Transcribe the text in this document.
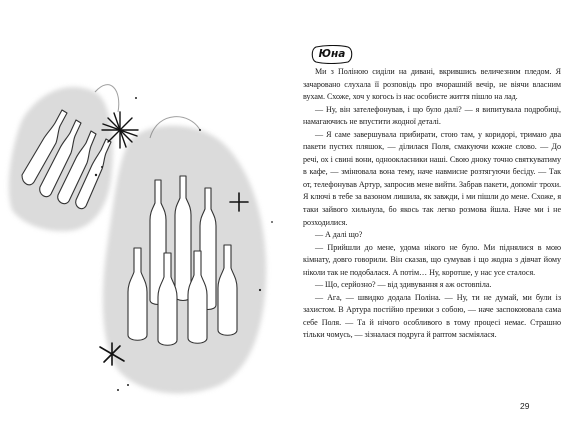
Юна

Ми з Поліною сиділи на дивані, вкрившись величезним пледом. Я зачаровано слухала її розповідь про вчорашній вечір, не віячи власним вухам. Схоже, хоч у когось із нас особисте життя пішло на лад.

— Ну, він зателефонував, і що було далі? — я випитувала подробиці, намагаючись не впустити жодної деталі.

— Я саме завершувала прибирати, стою там, у коридорі, тримаю два пакети пустих пляшок, — ділилася Поля, смакуючи кожне слово. — До речі, ох і свині вони, одноокласники наші. Свою дноку точно святкуватиму в кафе, — змінювала вона тему, наче навмисне розтягуючи бесіду. — Так от, телефонував Артур, запросив мене вийти. Забрав пакети, допоміг трохи. Я ключі в тебе за вазоном лишила, як завжди, і ми пішли до мене. Схоже, я таки зайвого хильнула, бо якось так легко розмова йшла. Наче ми і не розходилися.

— А далі що?

— Прийшли до мене, удома нікого не було. Ми піднялися в мою кімнату, довго говорили. Він сказав, що сумував і що жодна з дівчат йому ніколи так не подобалася. А потім… Ну, коротше, у нас усе сталося.

— Що, серйозно? — від здивування я аж остовпіла.

— Ага, — швидко додала Поліна. — Ну, ти не думай, ми були із захистом. В Артура постійно презики з собою, — наче заспокоювала сама себе Поля. — Та й нічого особливого в тому процесі немає. Страшно тільки чомусь, — зізналася подруга й раптом засміялася.

29
